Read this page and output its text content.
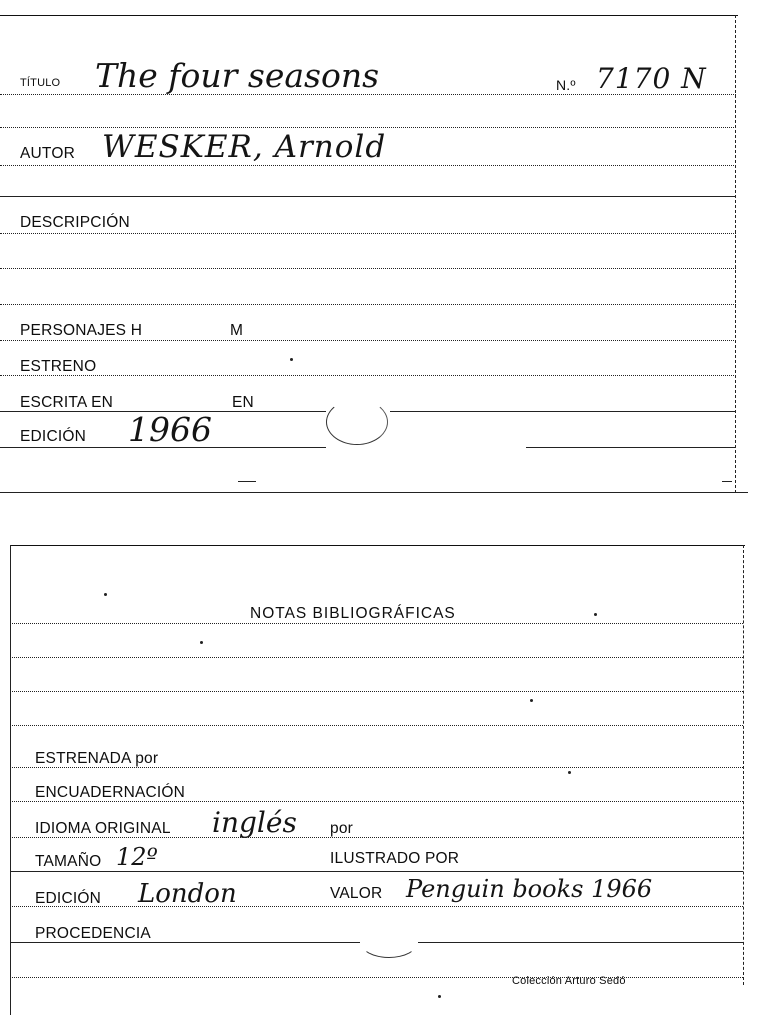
TÍTULO The four seasons	N.º 7170 N
AUTOR WESKER, Arnold
DESCRIPCIÓN
PERSONAJES H	M
ESTRENO
ESCRITA EN	EN
EDICIÓN 1966
NOTAS BIBLIOGRÁFICAS
ESTRENADA por
ENCUADERNACIÓN
IDIOMA ORIGINAL inglés por
TAMAÑO 12º	ILUSTRADO POR
EDICIÓN London	VALOR Penguin books 1966
PROCEDENCIA
Colección Arturo Sedó
